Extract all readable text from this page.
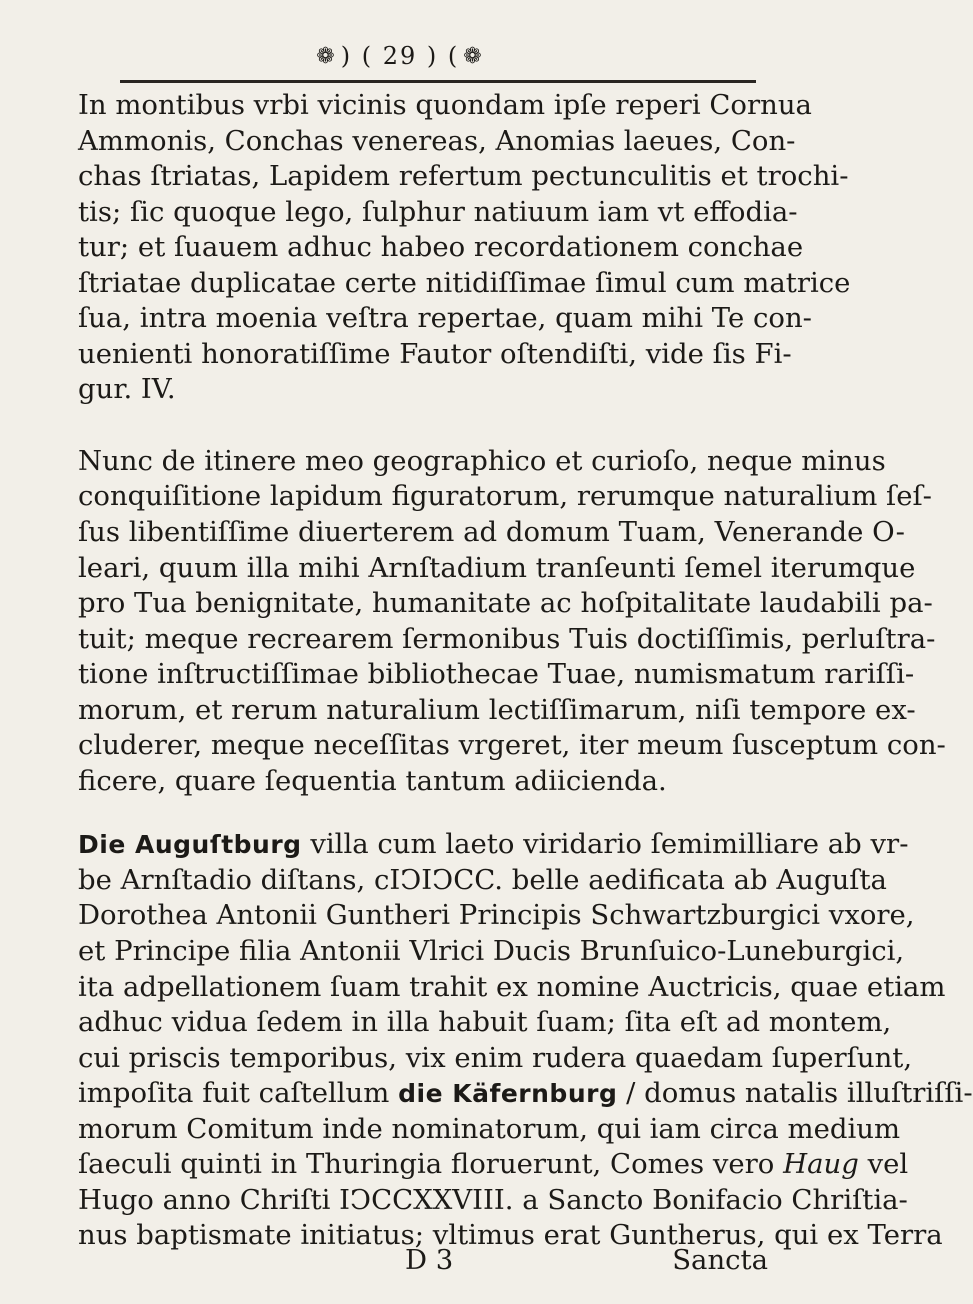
❁ ) ( 29 ) ( ❁
In montibus vrbi vicinis quondam ipſe reperi Cornua
Ammonis, Conchas venereas, Anomias laeues, Con-
chas ſtriatas, Lapidem refertum pectunculitis et trochi-
tis; ſic quoque lego, ſulphur natiuum iam vt effodia-
tur; et ſuauem adhuc habeo recordationem conchae
ſtriatae duplicatae certe nitidiſſimae ſimul cum matrice
ſua, intra moenia veſtra repertae, quam mihi Te con-
uenienti honoratiſſime Fautor oſtendiſti, vide ſis Fi-
gur. IV.
Nunc de itinere meo geographico et curioſo, neque minus
conquiſitione lapidum figuratorum, rerumque naturalium ſeſ-
ſus libentiſſime diuerterem ad domum Tuam, Venerande O-
leari, quum illa mihi Arnſtadium tranſeunti ſemel iterumque
pro Tua benignitate, humanitate ac hoſpitalitate laudabili pa-
tuit; meque recrearem ſermonibus Tuis doctiſſimis, perluſtra-
tione inſtructiſſimae bibliothecae Tuae, numismatum rariſſi-
morum, et rerum naturalium lectiſſimarum, niſi tempore ex-
cluderer, meque neceſſitas vrgeret, iter meum ſusceptum con-
ficere, quare ſequentia tantum adiicienda.
Die Auguſtburg villa cum laeto viridario ſemimilliare ab vr-
be Arnſtadio diſtans, cIↃIↃCC. belle aedificata ab Auguſta
Dorothea Antonii Guntheri Principis Schwartzburgici vxore,
et Principe filia Antonii Vlrici Ducis Brunſuico-Luneburgici,
ita adpellationem ſuam trahit ex nomine Auctricis, quae etiam
adhuc vidua ſedem in illa habuit ſuam; ſita eſt ad montem,
cui priscis temporibus, vix enim rudera quaedam ſuperſunt,
impoſita fuit caſtellum die Käfernburg / domus natalis illuſtriſſi-
morum Comitum inde nominatorum, qui iam circa medium
ſaeculi quinti in Thuringia floruerunt, Comes vero Haug vel
Hugo anno Chriſti IↃCCXXVIII. a Sancto Bonifacio Chriſtia-
nus baptismate initiatus; vltimus erat Guntherus, qui ex Terra
D 3	Sancta
